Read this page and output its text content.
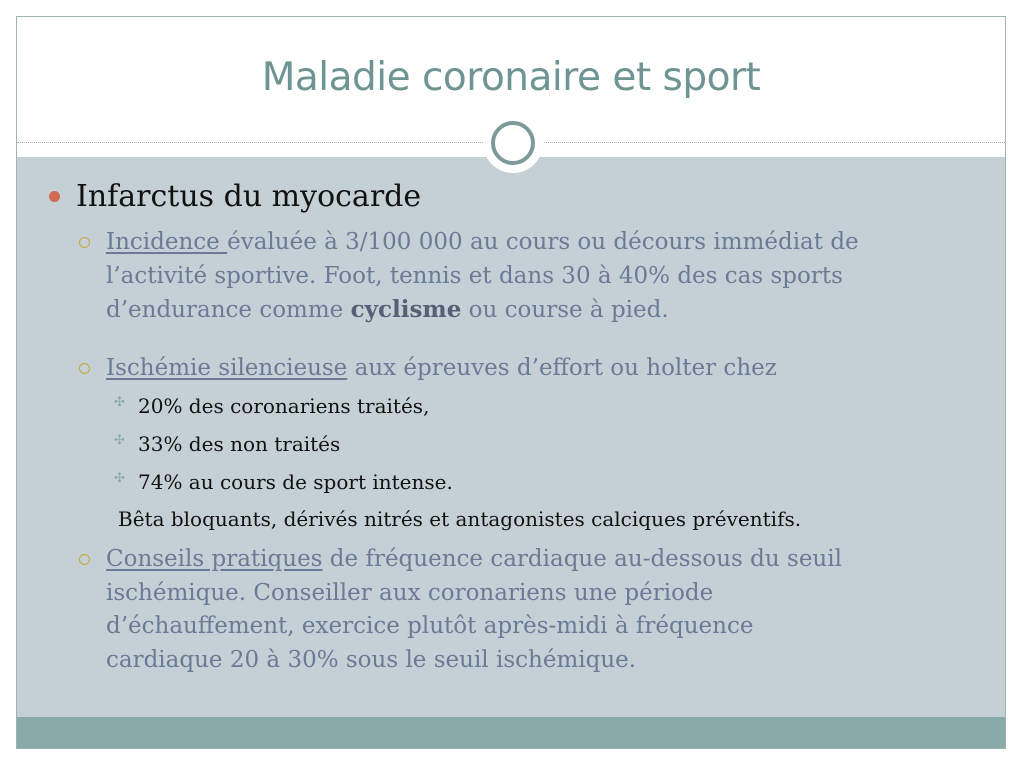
Maladie coronaire et sport
Infarctus du myocarde
Incidence évaluée à 3/100 000 au cours ou décours immédiat de
l’activité sportive. Foot, tennis et dans 30 à 40% des cas sports
d’endurance comme cyclisme ou course à pied.
Ischémie silencieuse aux épreuves d’effort ou holter chez
✣ 20% des coronariens traités,
✣ 33% des non traités
✣ 74% au cours de sport intense.
Bêta bloquants, dérivés nitrés et antagonistes calciques préventifs.
Conseils pratiques de fréquence cardiaque au-dessous du seuil
ischémique. Conseiller aux coronariens une période
d’échauffement, exercice plutôt après-midi à fréquence
cardiaque 20 à 30% sous le seuil ischémique.
